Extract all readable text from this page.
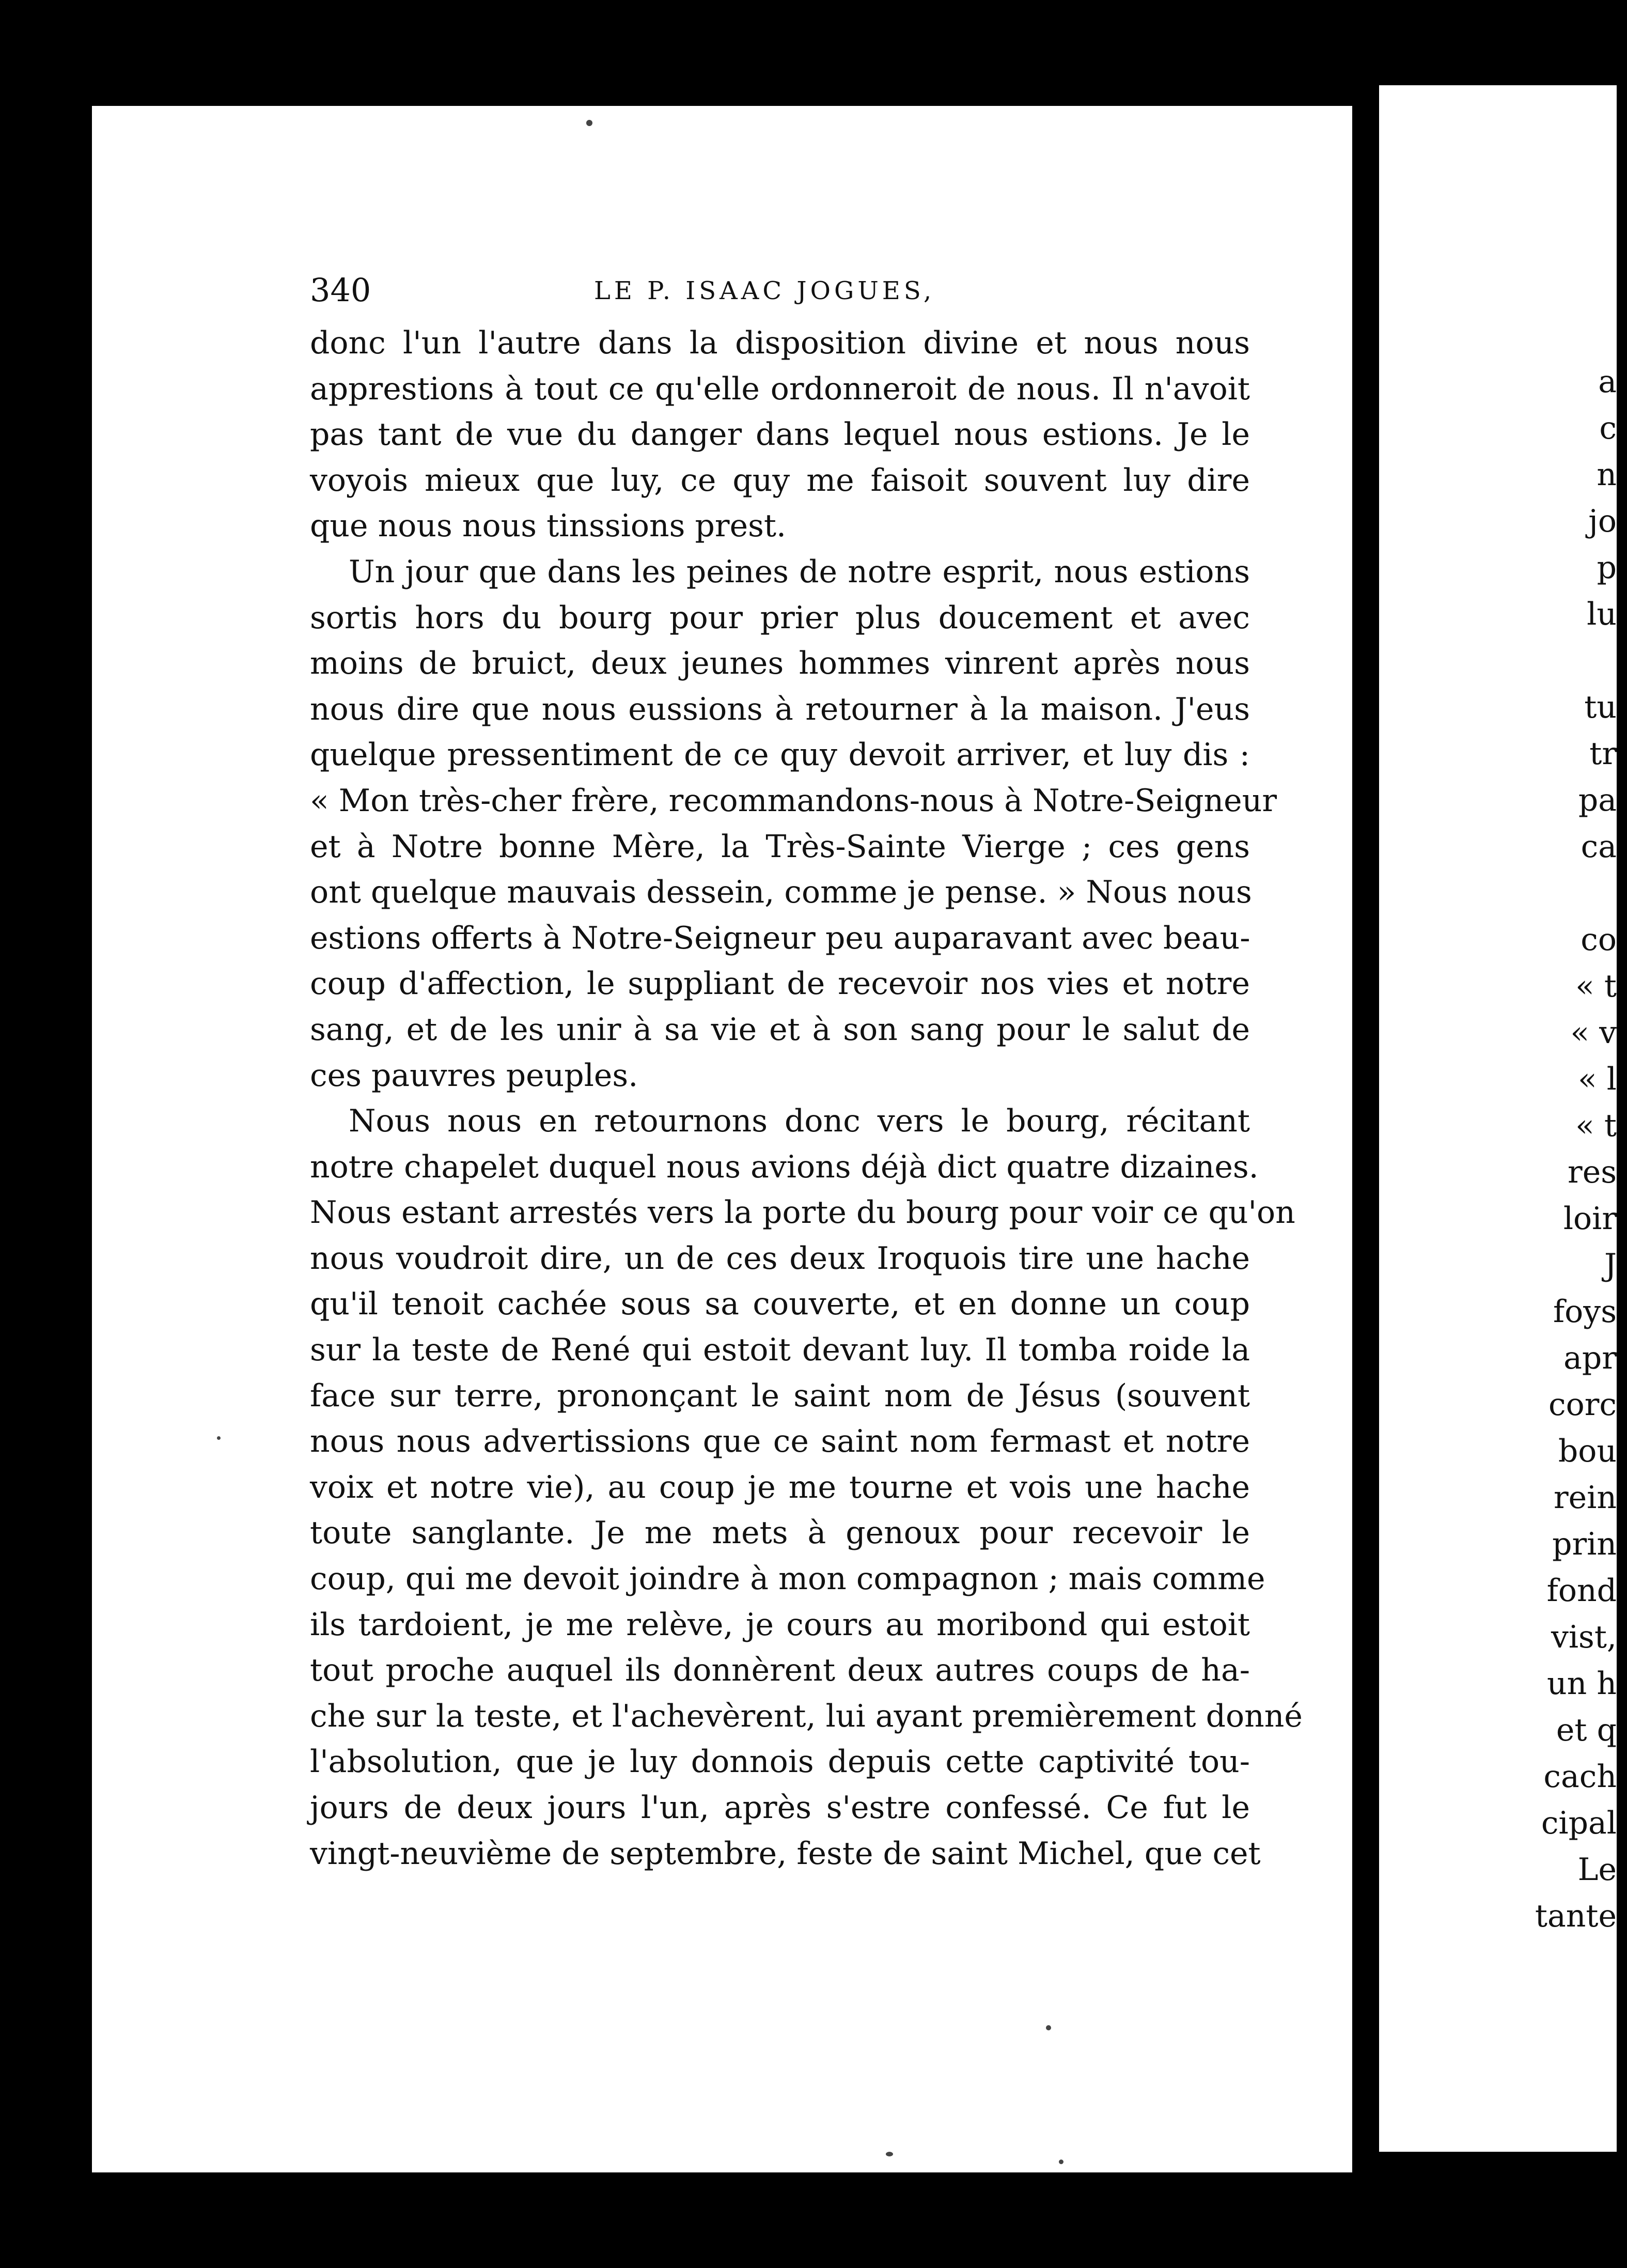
340	LE P. ISAAC JOGUES,
donc l'un l'autre dans la disposition divine et nous nous
apprestions à tout ce qu'elle ordonneroit de nous. Il n'avoit
pas tant de vue du danger dans lequel nous estions. Je le
voyois mieux que luy, ce quy me faisoit souvent luy dire
que nous nous tinssions prest.
Un jour que dans les peines de notre esprit, nous estions
sortis hors du bourg pour prier plus doucement et avec
moins de bruict, deux jeunes hommes vinrent après nous
nous dire que nous eussions à retourner à la maison. J'eus
quelque pressentiment de ce quy devoit arriver, et luy dis :
« Mon très-cher frère, recommandons-nous à Notre-Seigneur
et à Notre bonne Mère, la Très-Sainte Vierge ; ces gens
ont quelque mauvais dessein, comme je pense. » Nous nous
estions offerts à Notre-Seigneur peu auparavant avec beau-
coup d'affection, le suppliant de recevoir nos vies et notre
sang, et de les unir à sa vie et à son sang pour le salut de
ces pauvres peuples.
Nous nous en retournons donc vers le bourg, récitant
notre chapelet duquel nous avions déjà dict quatre dizaines.
Nous estant arrestés vers la porte du bourg pour voir ce qu'on
nous voudroit dire, un de ces deux Iroquois tire une hache
qu'il tenoit cachée sous sa couverte, et en donne un coup
sur la teste de René qui estoit devant luy. Il tomba roide la
face sur terre, prononçant le saint nom de Jésus (souvent
nous nous advertissions que ce saint nom fermast et notre
voix et notre vie), au coup je me tourne et vois une hache
toute sanglante. Je me mets à genoux pour recevoir le
coup, qui me devoit joindre à mon compagnon ; mais comme
ils tardoient, je me relève, je cours au moribond qui estoit
tout proche auquel ils donnèrent deux autres coups de ha-
che sur la teste, et l'achevèrent, lui ayant premièrement donné
l'absolution, que je luy donnois depuis cette captivité tou-
jours de deux jours l'un, après s'estre confessé. Ce fut le
vingt-neuvième de septembre, feste de saint Michel, que cet
a
c
n
jo
p
lu
tu
tr
pa
ca
co
« t
« v
« l
« t
res
loir
J
foys
apr
corc
bou
rein
prin
fond
vist,
un h
et q
cach
cipal
Le
tante
